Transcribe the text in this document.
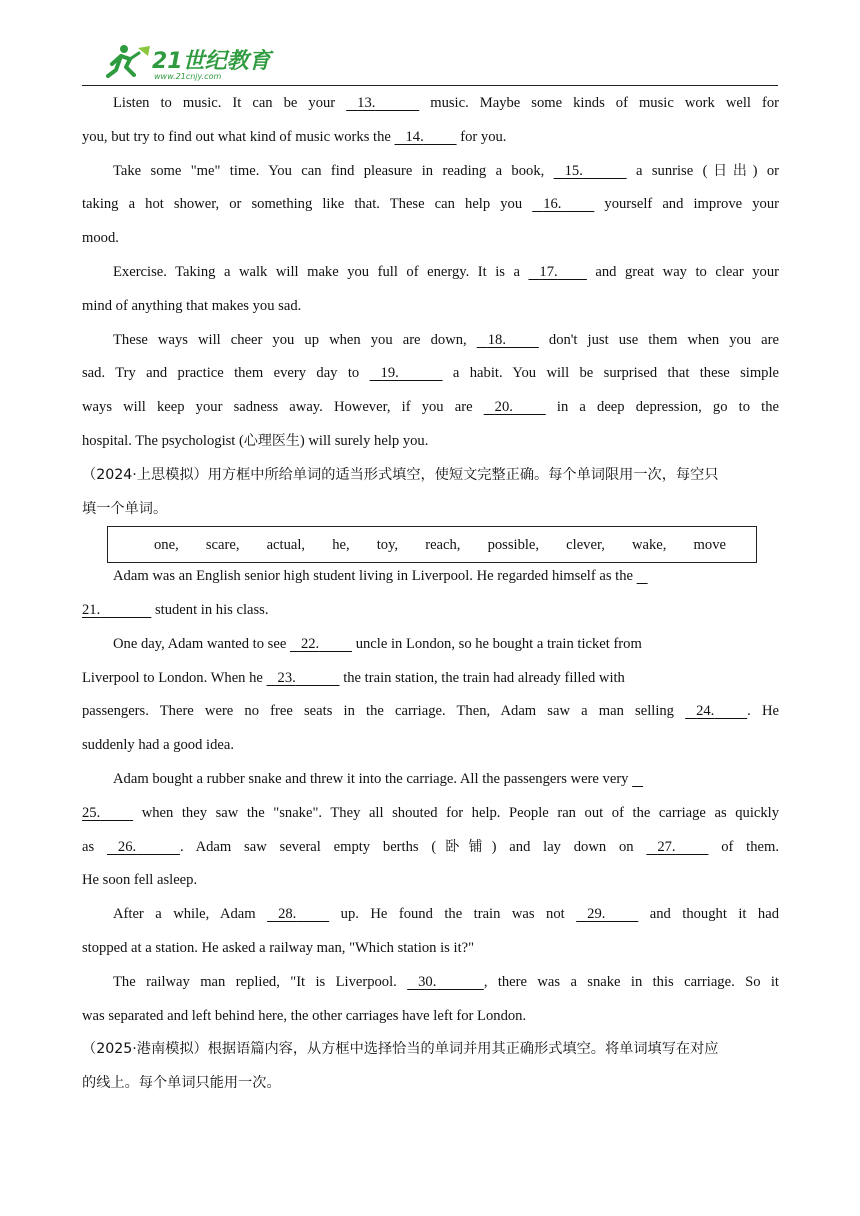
21世纪教育
www.21cnjy.com
Listen to music. It can be your 13.	music. Maybe some kinds of music work well for
you, but try to find out what kind of music works the 14.	for you.
Take some "me" time. You can find pleasure in reading a book, 15.	a sunrise (日出) or
taking a hot shower, or something like that. These can help you 16.	yourself and improve your
mood.
Exercise. Taking a walk will make you full of energy. It is a 17.	and great way to clear your
mind of anything that makes you sad.
These ways will cheer you up when you are down, 18.	don't just use them when you are
sad. Try and practice them every day to 19.	a habit. You will be surprised that these simple
ways will keep your sadness away. However, if you are 20.	in a deep depression, go to the
hospital. The psychologist (心理医生) will surely help you.
（2024·上思模拟）用方框中所给单词的适当形式填空，使短文完整正确。每个单词限用一次，每空只
填一个单词。
Adam was an English senior high student living in Liverpool. He regarded himself as the
21.	student in his class.
One day, Adam wanted to see 22.	uncle in London, so he bought a train ticket from
Liverpool to London. When he 23.	the train station, the train had already filled with
passengers. There were no free seats in the carriage. Then, Adam saw a man selling 24. . He
suddenly had a good idea.
Adam bought a rubber snake and threw it into the carriage. All the passengers were very
25.	when they saw the "snake". They all shouted for help. People ran out of the carriage as quickly
as 26.	. Adam saw several empty berths (卧铺) and lay down on 27.	of them.
He soon fell asleep.
After a while, Adam 28.	up. He found the train was not 29.	and thought it had
stopped at a station. He asked a railway man, "Which station is it?"
The railway man replied, "It is Liverpool. 30.	, there was a snake in this carriage. So it
was separated and left behind here, the other carriages have left for London.
（2025·港南模拟）根据语篇内容，从方框中选择恰当的单词并用其正确形式填空。将单词填写在对应
的线上。每个单词只能用一次。
one, scare, actual, he, toy, reach, possible, clever, wake, move
